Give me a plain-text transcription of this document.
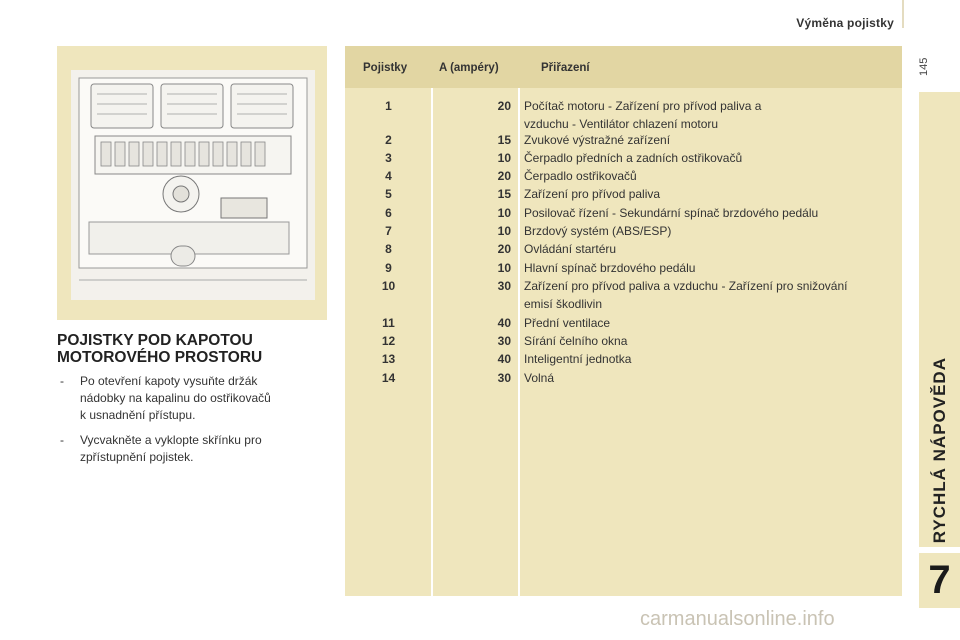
Výměna pojistky
145
RYCHLÁ NÁPOVĚDA
7
POJISTKY POD KAPOTOU
MOTOROVÉHO PROSTORU
- Po otevření kapoty vysuňte držák
nádobky na kapalinu do ostřikovačů
k usnadnění přístupu.
- Vycvakněte a vyklopte skřínku pro
zpřístupnění pojistek.
Pojistky	A (ampéry)	Přiřazení
1	20	Počítač motoru - Zařízení pro přívod paliva a
vzduchu - Ventilátor chlazení motoru
2	15	Zvukové výstražné zařízení
3	10	Čerpadlo předních a zadních ostřikovačů
4	20	Čerpadlo ostřikovačů
5	15	Zařízení pro přívod paliva
6	10	Posilovač řízení - Sekundární spínač brzdového pedálu
7	10	Brzdový systém (ABS/ESP)
8	20	Ovládání startéru
9	10	Hlavní spínač brzdového pedálu
10	30	Zařízení pro přívod paliva a vzduchu - Zařízení pro snižování
emisí škodlivin
11	40	Přední ventilace
12	30	Sírání čelního okna
13	40	Inteligentní jednotka
14	30	Volná
carmanualsonline.info
